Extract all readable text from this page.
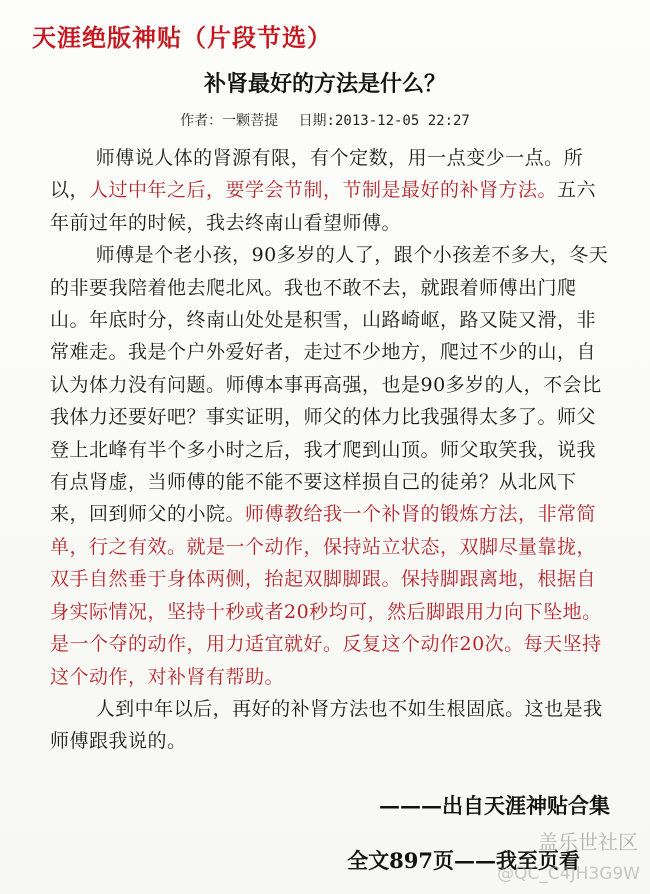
天涯绝版神贴（片段节选）
补肾最好的方法是什么？
作者：一颗菩提 日期:2013-12-05 22:27

师傅说人体的肾源有限，有个定数，用一点变少一点。所以，人过中年之后，要学会节制，节制是最好的补肾方法。五六年前过年的时候，我去终南山看望师傅。

师傅是个老小孩，90多岁的人了，跟个小孩差不多大，冬天的非要我陪着他去爬北风。我也不敢不去，就跟着师傅出门爬山。年底时分，终南山处处是积雪，山路崎岖，路又陡又滑，非常难走。我是个户外爱好者，走过不少地方，爬过不少的山，自认为体力没有问题。师傅本事再高强，也是90多岁的人，不会比我体力还要好吧？事实证明，师父的体力比我强得太多了。师父登上北峰有半个多小时之后，我才爬到山顶。师父取笑我，说我有点肾虚，当师傅的能不能不要这样损自己的徒弟？从北风下来，回到师父的小院。师傅教给我一个补肾的锻炼方法，非常简单，行之有效。就是一个动作，保持站立状态，双脚尽量靠拢，双手自然垂于身体两侧，抬起双脚脚跟。保持脚跟离地，根据自身实际情况，坚持十秒或者20秒均可，然后脚跟用力向下坠地。是一个夺的动作，用力适宜就好。反复这个动作20次。每天坚持这个动作，对补肾有帮助。

人到中年以后，再好的补肾方法也不如生根固底。这也是我师傅跟我说的。

———出自天涯神贴合集
全文897页——我至页看
盖乐世社区
@QC_C4JH3G9W
